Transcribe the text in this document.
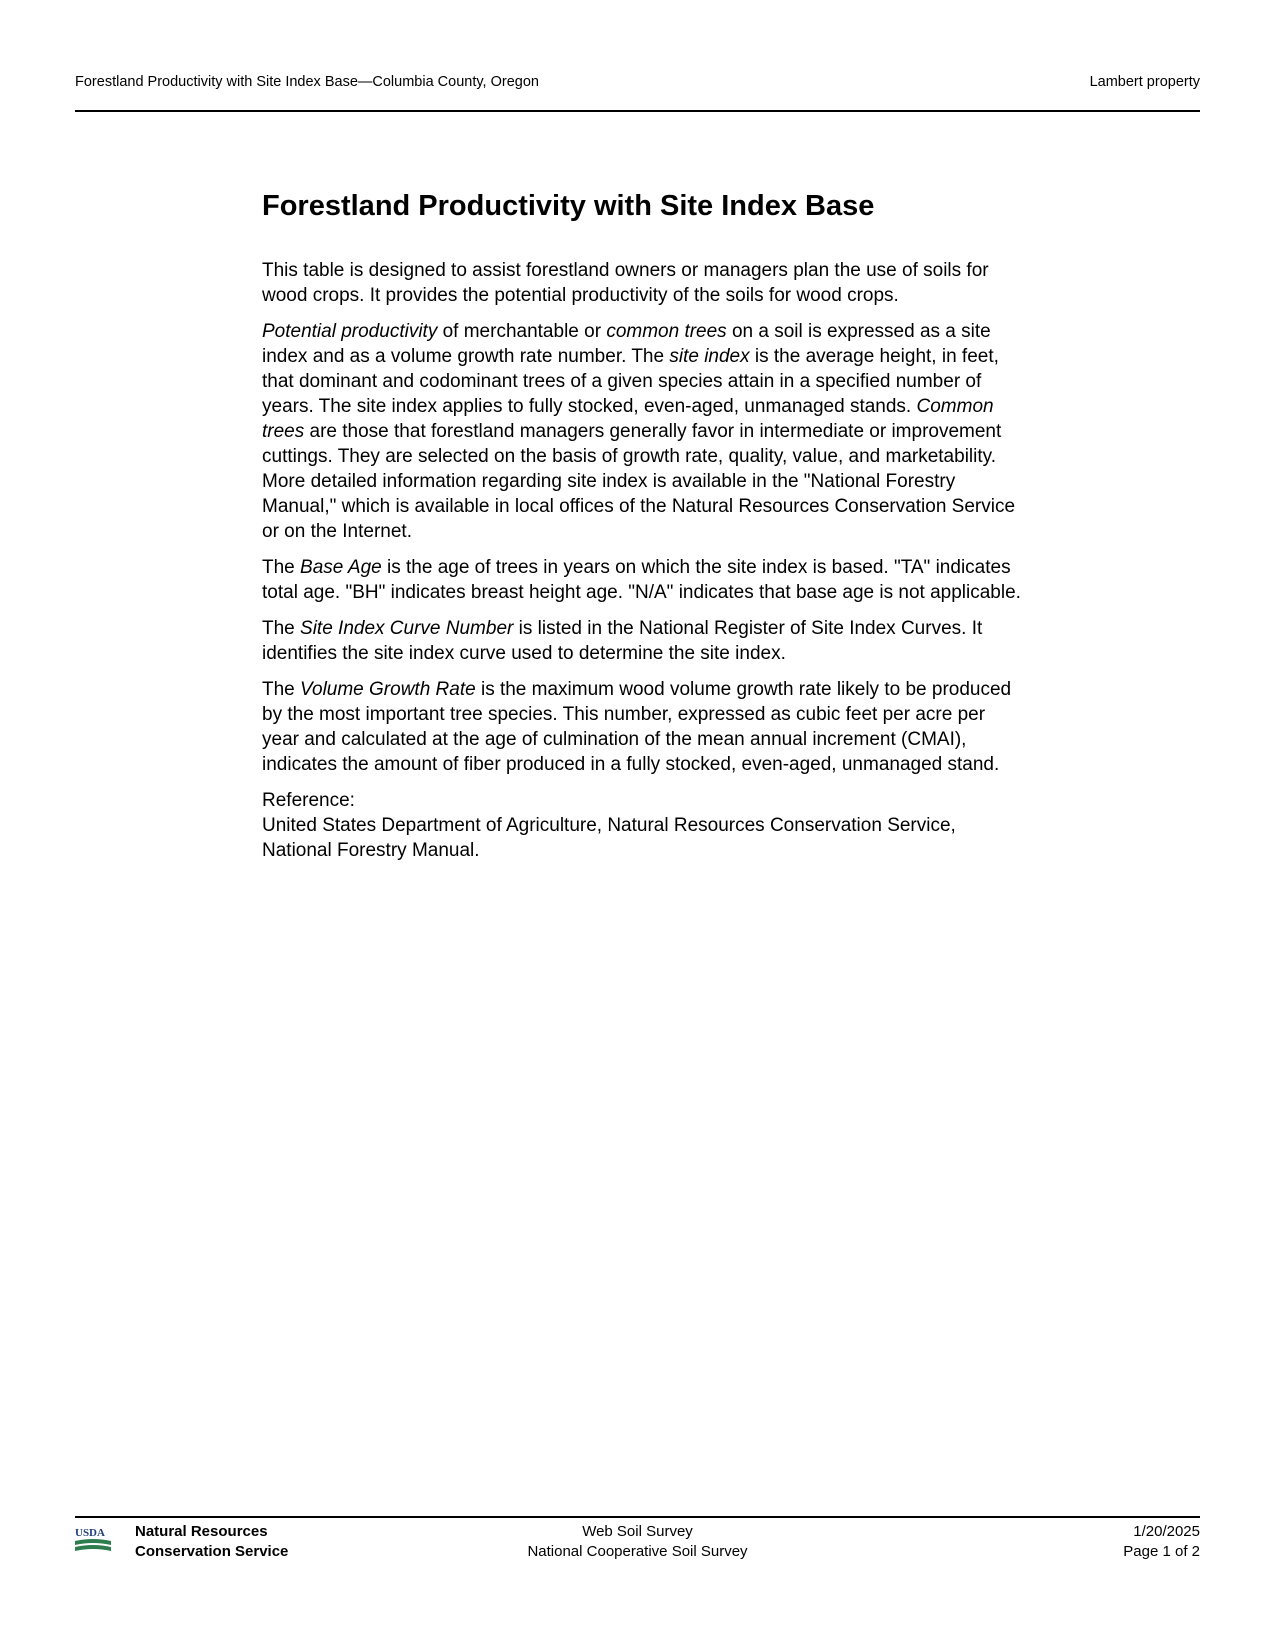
Forestland Productivity with Site Index Base—Columbia County, Oregon	Lambert property
Forestland Productivity with Site Index Base

This table is designed to assist forestland owners or managers plan the use of soils for wood crops. It provides the potential productivity of the soils for wood crops.

Potential productivity of merchantable or common trees on a soil is expressed as a site index and as a volume growth rate number. The site index is the average height, in feet, that dominant and codominant trees of a given species attain in a specified number of years. The site index applies to fully stocked, even-aged, unmanaged stands. Common trees are those that forestland managers generally favor in intermediate or improvement cuttings. They are selected on the basis of growth rate, quality, value, and marketability. More detailed information regarding site index is available in the "National Forestry Manual," which is available in local offices of the Natural Resources Conservation Service or on the Internet.

The Base Age is the age of trees in years on which the site index is based. "TA" indicates total age. "BH" indicates breast height age. "N/A" indicates that base age is not applicable.

The Site Index Curve Number is listed in the National Register of Site Index Curves. It identifies the site index curve used to determine the site index.

The Volume Growth Rate is the maximum wood volume growth rate likely to be produced by the most important tree species. This number, expressed as cubic feet per acre per year and calculated at the age of culmination of the mean annual increment (CMAI), indicates the amount of fiber produced in a fully stocked, even-aged, unmanaged stand.

Reference:
United States Department of Agriculture, Natural Resources Conservation Service, National Forestry Manual.

USDA Natural Resources
Conservation Service
Web Soil Survey
National Cooperative Soil Survey
1/20/2025
Page 1 of 2
